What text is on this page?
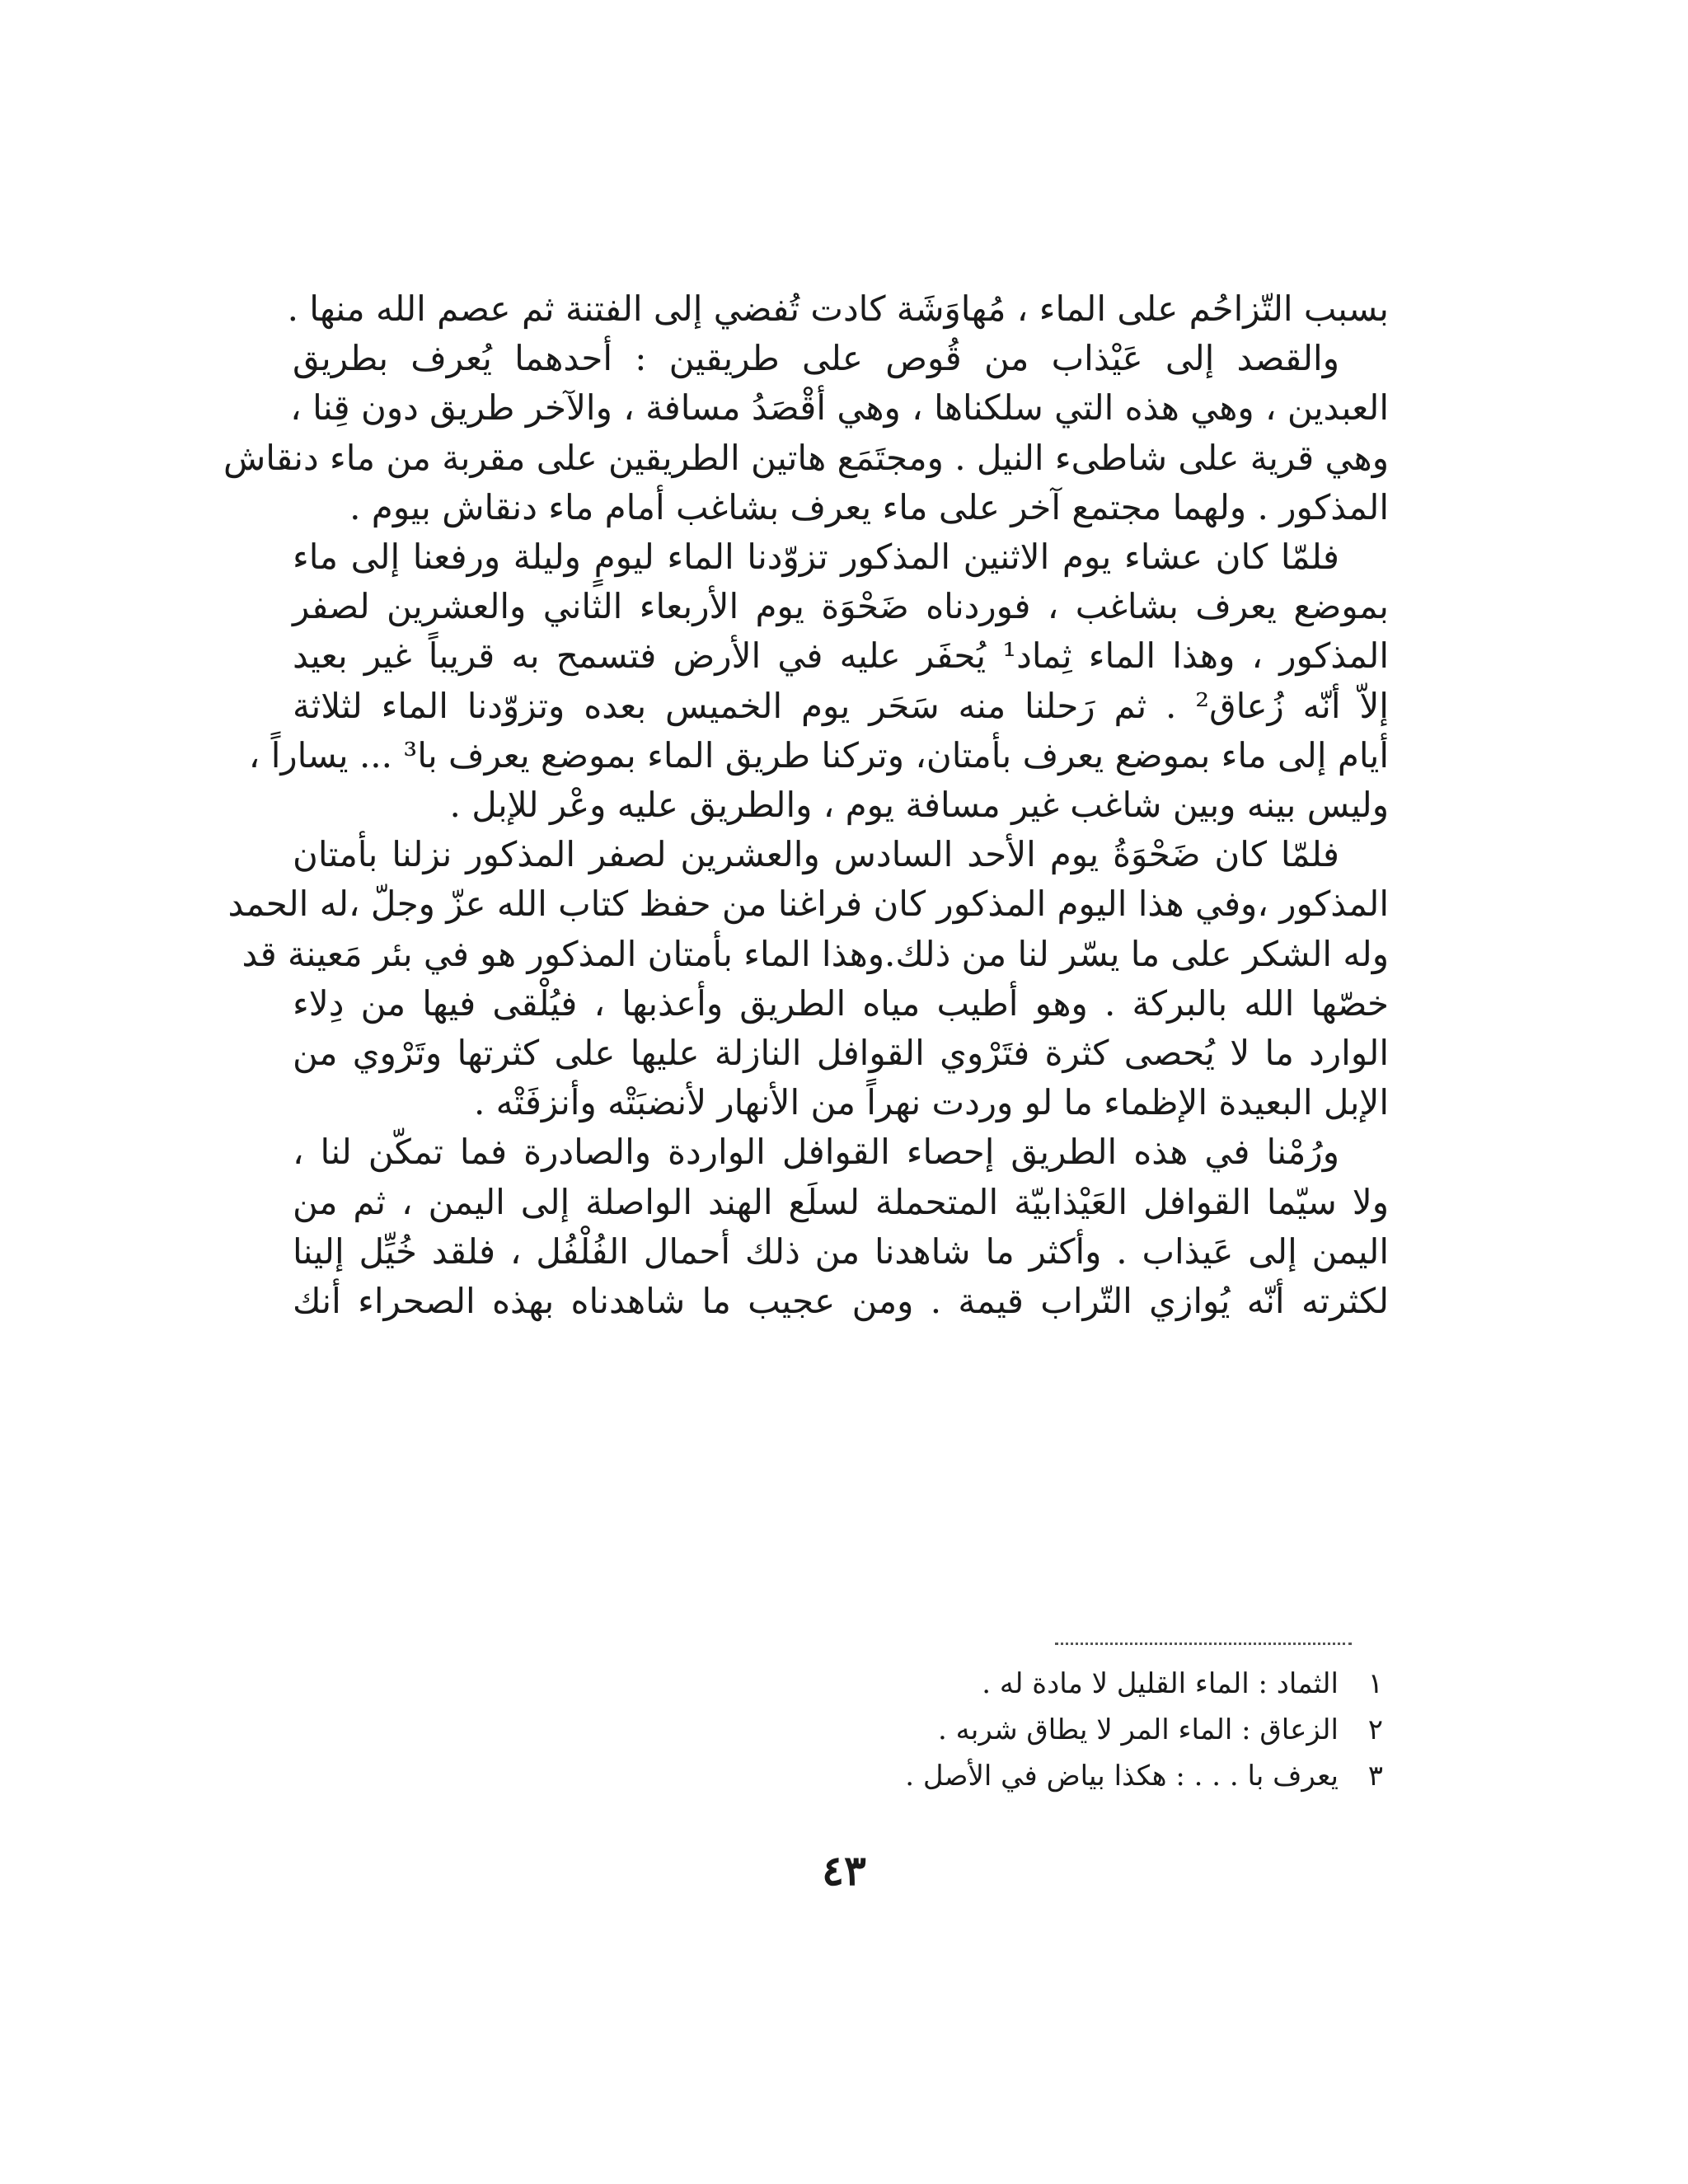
بسبب التّزاحُم على الماء ، مُهاوَشَة كادت تُفضي إلى الفتنة ثم عصم الله منها .
والقصد إلى عَيْذاب من قُوص على طريقين : أحدهما يُعرف بطريق
العبدين ، وهي هذه التي سلكناها ، وهي أقْصَدُ مسافة ، والآخر طريق دون قِنا ،
وهي قرية على شاطىء النيل . ومجتَمَع هاتين الطريقين على مقربة من ماء دنقاش
المذكور . ولهما مجتمع آخر على ماء يعرف بشاغب أمام ماء دنقاش بيوم .
فلمّا كان عشاء يوم الاثنين المذكور تزوّدنا الماء ليومٍ وليلة ورفعنا إلى ماء
بموضع يعرف بشاغب ، فوردناه ضَحْوَة يوم الأربعاء الثاني والعشرين لصفر
المذكور ، وهذا الماء ثِماد¹ يُحفَر عليه في الأرض فتسمح به قريباً غير بعيد
إلاّ أنّه زُعاق² . ثم رَحلنا منه سَحَر يوم الخميس بعده وتزوّدنا الماء لثلاثة
أيام إلى ماء بموضع يعرف بأمتان، وتركنا طريق الماء بموضع يعرف با³ ... يساراً ،
وليس بينه وبين شاغب غير مسافة يوم ، والطريق عليه وعْر للإبل .
فلمّا كان ضَحْوَةُ يوم الأحد السادس والعشرين لصفر المذكور نزلنا بأمتان
المذكور ،وفي هذا اليوم المذكور كان فراغنا من حفظ كتاب الله عزّ وجلّ ،له الحمد
وله الشكر على ما يسّر لنا من ذلك.وهذا الماء بأمتان المذكور هو في بئر مَعينة قد
خصّها الله بالبركة . وهو أطيب مياه الطريق وأعذبها ، فيُلْقى فيها من دِلاء
الوارد ما لا يُحصى كثرة فتَرْوي القوافل النازلة عليها على كثرتها وتَرْوي من
الإبل البعيدة الإظماء ما لو وردت نهراً من الأنهار لأنضبَتْه وأنزفَتْه .
ورُمْنا في هذه الطريق إحصاء القوافل الواردة والصادرة فما تمكّن لنا ،
ولا سيّما القوافل العَيْذابيّة المتحملة لسلَع الهند الواصلة إلى اليمن ، ثم من
اليمن إلى عَيذاب . وأكثر ما شاهدنا من ذلك أحمال الفُلْفُل ، فلقد خُيِّل إلينا
لكثرته أنّه يُوازي التّراب قيمة . ومن عجيب ما شاهدناه بهذه الصحراء أنك
١الثماد : الماء القليل لا مادة له .
٢الزعاق : الماء المر لا يطاق شربه .
٣يعرف با . . . : هكذا بياض في الأصل .
٤٣
